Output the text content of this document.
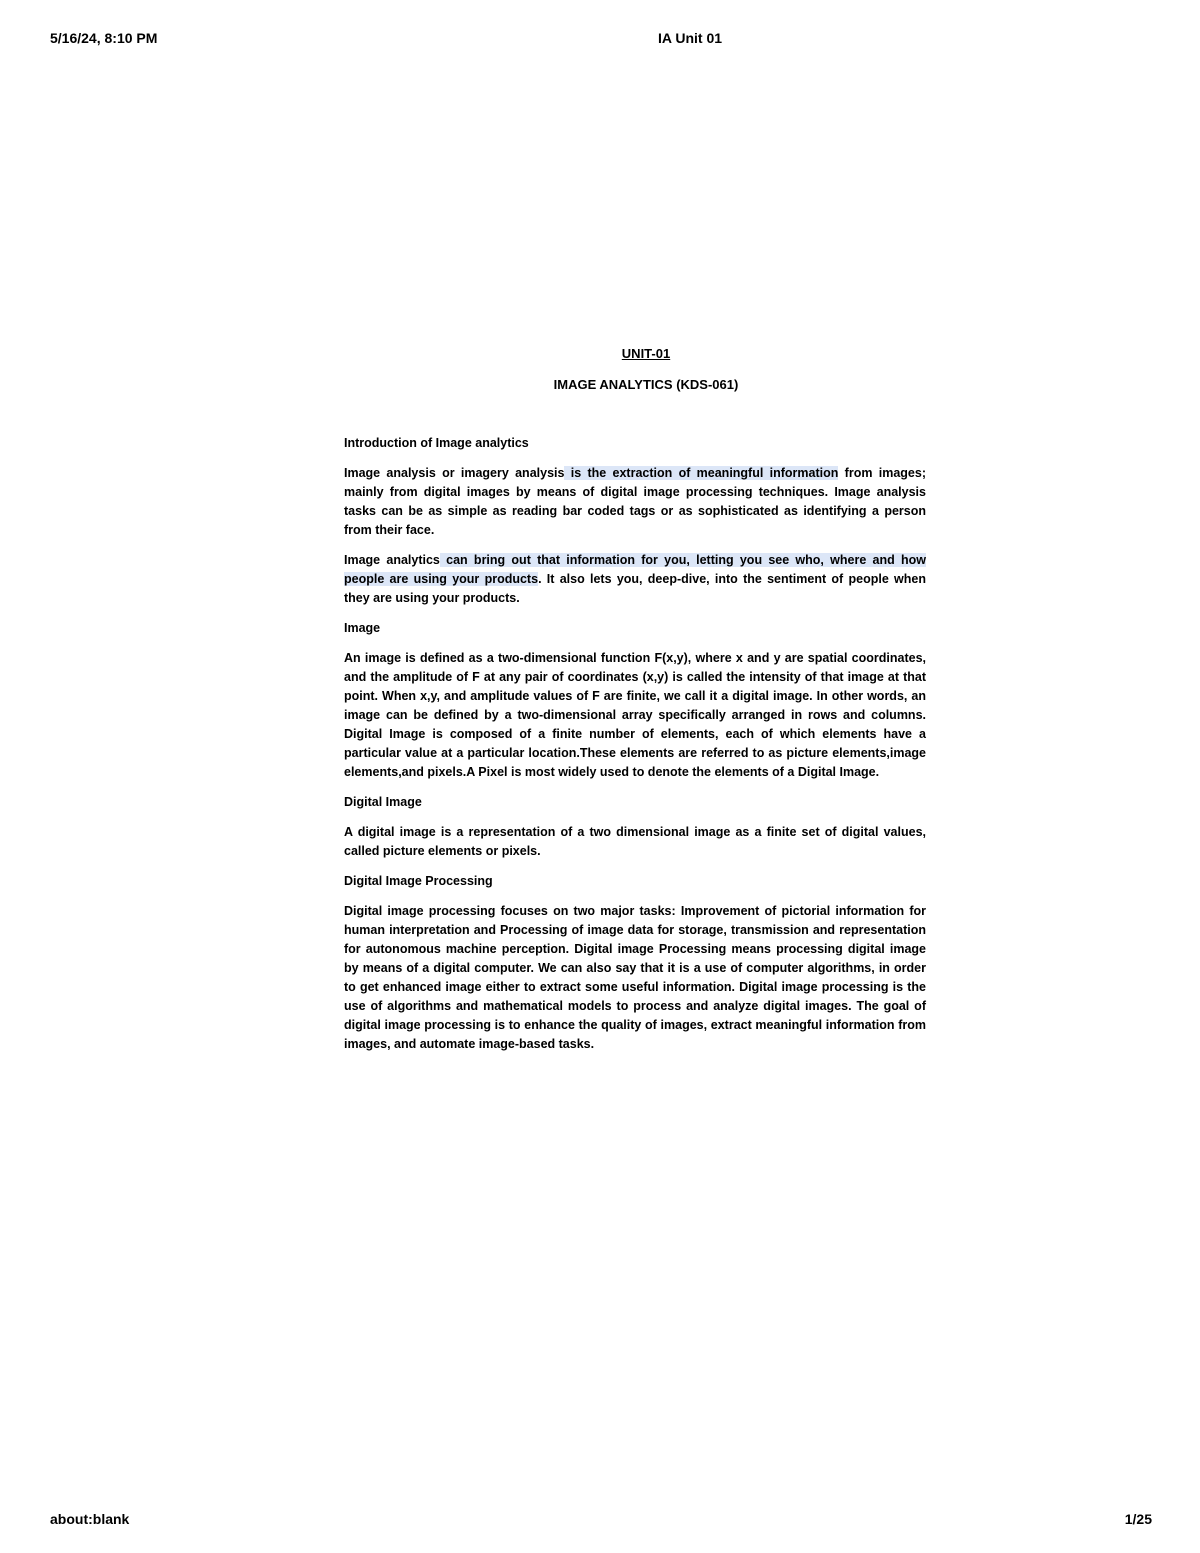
5/16/24, 8:10 PM	IA Unit 01
UNIT-01
IMAGE ANALYTICS (KDS-061)
Introduction of Image analytics

Image analysis or imagery analysis is the extraction of meaningful information from images; mainly from digital images by means of digital image processing techniques. Image analysis tasks can be as simple as reading bar coded tags or as sophisticated as identifying a person from their face.

Image analytics can bring out that information for you, letting you see who, where and how people are using your products. It also lets you, deep-dive, into the sentiment of people when they are using your products.

Image

An image is defined as a two-dimensional function F(x,y), where x and y are spatial coordinates, and the amplitude of F at any pair of coordinates (x,y) is called the intensity of that image at that point. When x,y, and amplitude values of F are finite, we call it a digital image. In other words, an image can be defined by a two-dimensional array specifically arranged in rows and columns. Digital Image is composed of a finite number of elements, each of which elements have a particular value at a particular location.These elements are referred to as picture elements,image elements,and pixels.A Pixel is most widely used to denote the elements of a Digital Image.

Digital Image

A digital image is a representation of a two dimensional image as a finite set of digital values, called picture elements or pixels.

Digital Image Processing

Digital image processing focuses on two major tasks: Improvement of pictorial information for human interpretation and Processing of image data for storage, transmission and representation for autonomous machine perception. Digital image Processing means processing digital image by means of a digital computer. We can also say that it is a use of computer algorithms, in order to get enhanced image either to extract some useful information. Digital image processing is the use of algorithms and mathematical models to process and analyze digital images. The goal of digital image processing is to enhance the quality of images, extract meaningful information from images, and automate image-based tasks.

about:blank	1/25
